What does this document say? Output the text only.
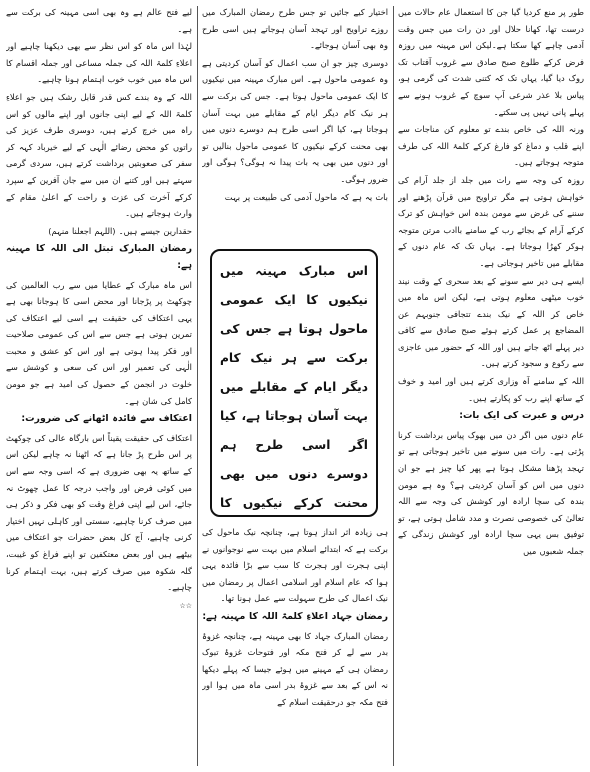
طور پر منع کردیا گیا جن کا استعمال عام حالات میں درست تھا، کھانا حلال اور دن رات میں جس وقت آدمی چاہے کھا سکتا ہے۔لیکن اس مہینہ میں روزہ فرض کرکے طلوع صبح صادق سے غروب آفتاب تک روک دیا گیا، یہاں تک کہ کتنی شدت کی گرمی ہو، پیاس بلا عذر شرعی آپ سوچ کے غروب ہونے سے پہلے پانی نہیں پی سکتے۔

ورنہ اللہ کی خاص بندے تو معلوم کن مناجات سے اپنے قلب و دماغ کو فارغ کرکے کلمۂ اللہ کی طرف متوجہ ہوجاتے ہیں۔

روزہ کی وجہ سے رات میں جلد از جلد آرام کی خواہش ہوتی ہے مگر تراویح میں قرآن پڑھنے اور سننے کی غرض سے مومن بندہ اس خواہش کو ترک کرکے آرام کے بجائے رب کے سامنے باادب مرتن متوجہ ہوکر کھڑا ہوجاتا ہے۔ یہاں تک کہ عام دنوں کے مقابلے میں تاخیر ہوجاتی ہے۔

ایسے ہی دیر سے سونے کے بعد سحری کے وقت نیند خوب میٹھی معلوم ہوتی ہے، لیکن اس ماہ میں خاص کر اللہ کے نیک بندے تتجافی جنوبہم عن المضاجع پر عمل کرتے ہوئے صبح صادق سے کافی دیر پہلے اٹھ جاتے ہیں اور اللہ کے حضور میں عاجزی سے رکوع و سجود کرتے ہیں۔

اللہ کے سامنے آہ وزاری کرتے ہیں اور امید و خوف کے ساتھ اپنے رب کو پکارتے ہیں۔

درس و عبرت کی ایک بات:

عام دنوں میں اگر دن میں بھوک پیاس برداشت کرنا پڑتی ہے۔ رات میں سونے میں تاخیر ہوجاتی ہے تو تہجد پڑھنا مشکل ہوتا ہے پھر کیا چیز ہے جو ان دنوں میں اس کو آسان کردیتی ہے؟ وہ ہے مومن بندہ کی سچا ارادہ اور کوشش کی وجہ سے اللہ تعالیٰ کی خصوصی نصرت و مدد شامل ہوتی ہے، تو توفیق بس یہی سچا ارادہ اور کوشش زندگی کے جملہ شعبوں میں

اختیار کیے جائیں تو جس طرح رمضان المبارک میں روزے تراویح اور تہجد آسان ہوجاتے ہیں اسی طرح وہ بھی آسان ہوجائے۔

دوسری چیز جو ان سب اعمال کو آسان کردیتی ہے وہ عمومی ماحول ہے۔ اس مبارک مہینہ میں نیکیوں کا ایک عمومی ماحول ہوتا ہے۔ جس کی برکت سے ہر نیک کام دیگر ایام کے مقابلے میں بہت آسان ہوجاتا ہے، کیا اگر اسی طرح ہم دوسرے دنوں میں بھی محنت کرکے نیکیوں کا عمومی ماحول بنالیں تو اور دنوں میں بھی یہ بات پیدا نہ ہوگی؟ ہوگی اور ضرور ہوگی۔

بات یہ ہے کہ ماحول آدمی کی طبیعت پر بہت

اس مبارک مہینہ میں نیکیوں کا ایک عمومی ماحول ہوتا ہے جس کی برکت سے ہر نیک کام دیگر ایام کے مقابلے میں بہت آسان ہوجاتا ہے، کیا اگر اسی طرح ہم دوسرے دنوں میں بھی محنت کرکے نیکیوں کا

ہی زیادہ اثر انداز ہوتا ہے، چنانچہ نیک ماحول کی برکت ہے کہ ابتدائے اسلام میں بہت سے نوجوانوں نے اپنی ہجرت اور ہجرت کا سب سے بڑا فائدہ یہی ہوا کہ عام اسلام اور اسلامی اعمال پر رمضان میں نیک اعمال کی طرح سہولت سے عمل ہونا تھا۔

رمضان جہاد اعلاءِ کلمۃ اللہ کا مہینہ ہے:

رمضان المبارک جہاد کا بھی مہینہ ہے، چنانچہ غزوۂ بدر سے لے کر فتح مکہ اور فتوحات غزوۂ تبوک رمضان ہی کے مہینے میں ہوئے جیسا کہ پہلے دیکھا نہ اس کے بعد سے غزوۂ بدر اسی ماہ میں ہوا اور فتح مکہ جو درحقیقت اسلام کے

لیے فتح عالم ہے وہ بھی اسی مہینہ کی برکت سے ہے۔

لہٰذا اس ماہ کو اس نظر سے بھی دیکھنا چاہیے اور اعلاءِ کلمۃ اللہ کی جملہ مساعی اور جملہ اقسام کا اس ماہ میں خوب خوب اہتمام ہونا چاہیے۔

اللہ کے وہ بندے کس قدر قابل رشک ہیں جو اعلاءِ کلمۃ اللہ کے لیے اپنی جانوں اور اپنے مالوں کو اس راہ میں خرچ کرتے ہیں، دوسری طرف عزیز کی راتوں کو محض رضائے الٰہی کے لیے خیرباد کہہ کر سفر کی صعوبتیں برداشت کرتے ہیں، سردی گرمی سہتے ہیں اور کتنے ان میں سے جان آفرین کے سپرد کرکے آخرت کی عزت و راحت کے اعلیٰ مقام کے وارث ہوجاتے ہیں۔

حقدارین جیسے ہیں۔ (اللہم اجعلنا منہم)

رمضان المبارک تبتل الی اللہ کا مہینہ ہے:

اس ماہ مبارک کے عطایا میں سے رب العالمین کی چوکھٹ پر پڑجانا اور محض اسی کا ہوجانا بھی ہے یہی اعتکاف کی حقیقت ہے اسی لیے اعتکاف کی تمرین ہوتی ہے جس سے اس کی عمومی صلاحیت اور فکر پیدا ہوتی ہے اور اس کو عشق و محبت الٰہی کی تعمیر اور اس کی سعی و کوشش سے خلوت در انجمن کے حصول کی امید ہے جو مومن کامل کی شان ہے۔

اعتکاف سے فائدہ اٹھانے کی ضرورت:

اعتکاف کی حقیقت یقیناً اس بارگاہ عالی کی چوکھٹ پر اس طرح پڑ جانا ہے کہ اٹھنا نہ چاہے لیکن اس کے ساتھ یہ بھی ضروری ہے کہ اسی وجہ سے اس میں کوئی فرض اور واجب درجہ کا عمل چھوٹ نہ جائے، اس لیے اپنی فراغ وقت کو بھی فکر و ذکر ہی میں صرف کرنا چاہیے، سستی اور کاہلی نہیں اختیار کرنی چاہیے، آج کل بعض حضرات جو اعتکاف میں بیٹھے ہیں اور بعض معتکفین تو اپنے فراغ کو غیبت، گلہ شکوہ میں صرف کرتے ہیں، بہت اہتمام کرنا چاہیے۔

☆☆
